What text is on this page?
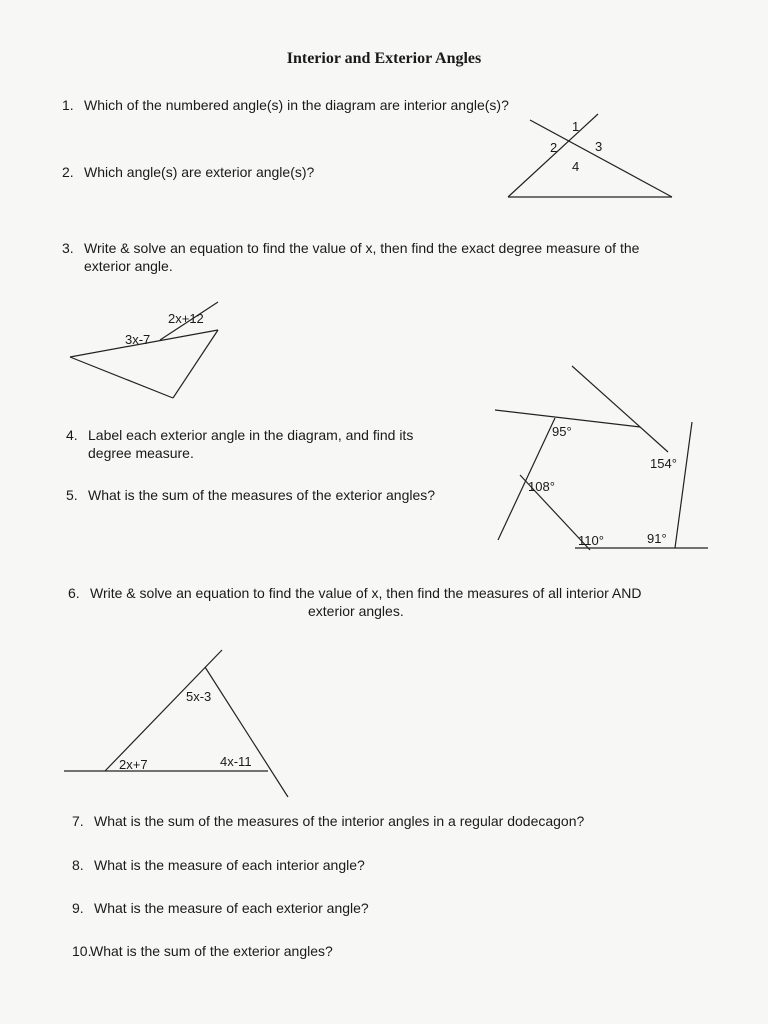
Interior and Exterior Angles
1. Which of the numbered angle(s) in the diagram are interior angle(s)?
2. Which angle(s) are exterior angle(s)?
3. Write & solve an equation to find the value of x, then find the exact degree measure of the
exterior angle.
4. Label each exterior angle in the diagram, and find its
degree measure.
5. What is the sum of the measures of the exterior angles?
6. Write & solve an equation to find the value of x, then find the measures of all interior AND
exterior angles.
7. What is the sum of the measures of the interior angles in a regular dodecagon?
8. What is the measure of each interior angle?
9. What is the measure of each exterior angle?
10.What is the sum of the exterior angles?
1
2	3
4
2x+12
3x-7
95°
154°
108°
110°	91°
5x-3
2x+7	4x-11
